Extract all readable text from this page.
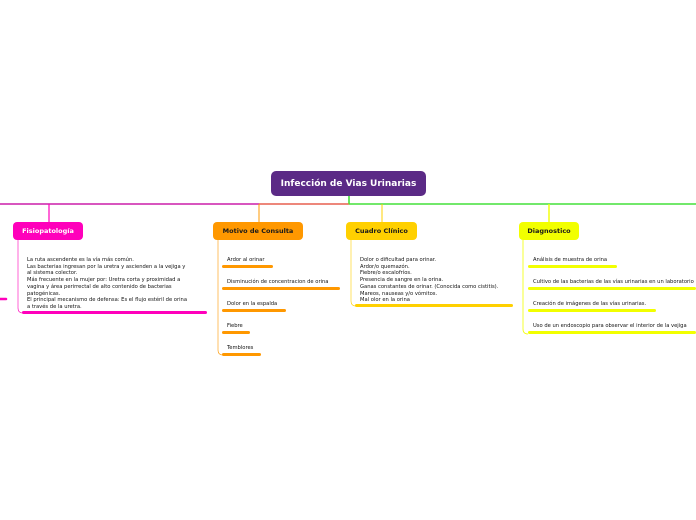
Infección de Vias Urinarias
Fisiopatología
La ruta ascendente es la vía más común.
Las bacterias ingresan por la uretra y ascienden a la vejiga y
al sistema colector.
Más frecuente en la mujer por: Uretra corta y proximidad a
vagina y área perirrectal de alto contenido de bacterias
patogénicas.
El principal mecanismo de defensa: Es el flujo estéril de orina
a través de la uretra.
Motivo de Consulta
Ardor al orinar
Disminución de concentracion de orina
Dolor en la espalda
Fiebre
Temblores
Cuadro Clínico
Dolor o dificultad para orinar.
Ardor/o quemazón.
Fiebre/o escalofríos.
Presencia de sangre en la orina.
Ganas constantes de orinar. (Conocida como cistitis).
Mareos, nauseas y/o vómitos.
Mal olor en la orina
Diagnostico
Análisis de muestra de orina
Cultivo de las bacterias de las vías urinarias en un laboratorio
Creación de imágenes de las vías urinarias.
Uso de un endoscopio para observar el interior de la vejiga
